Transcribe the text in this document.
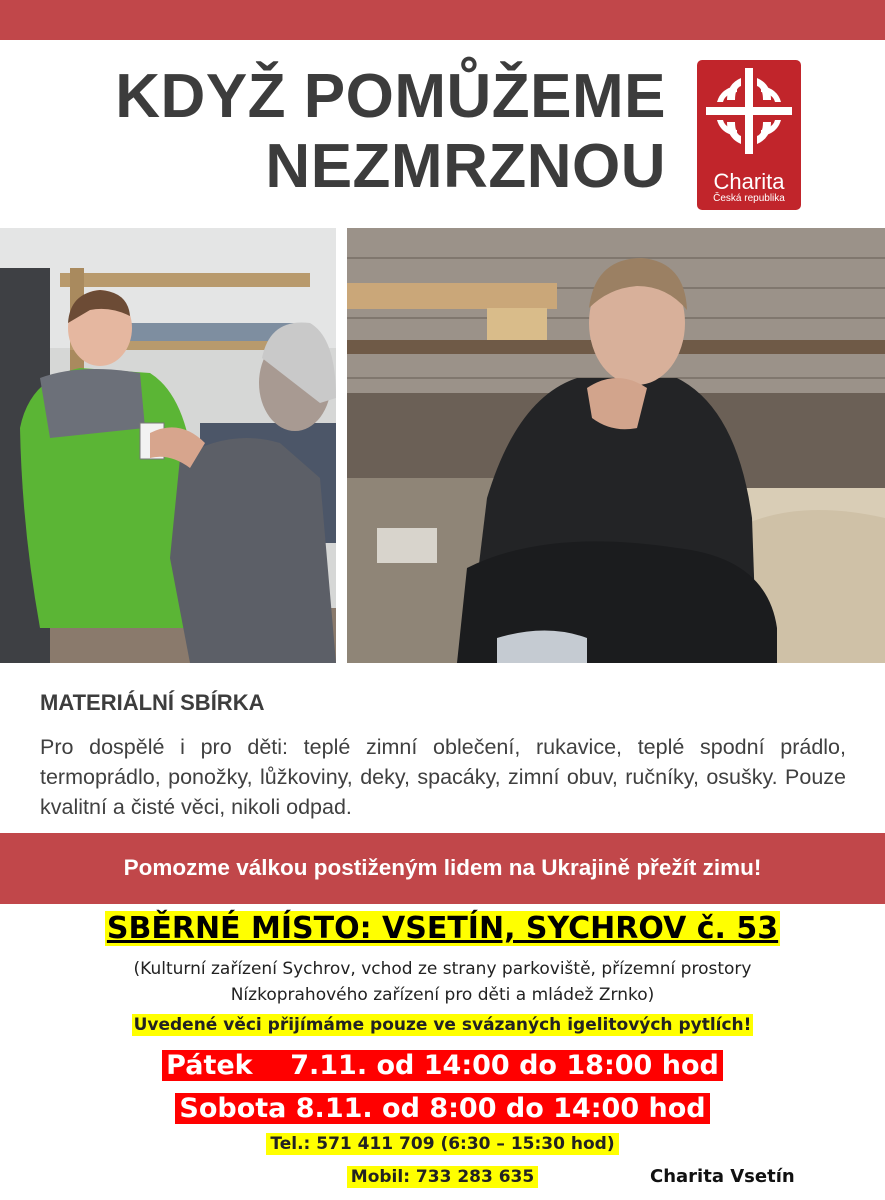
KDYŽ POMŮŽEME
NEZMRZNOU	Charita
Česká republika
MATERIÁLNÍ SBÍRKA

Pro dospělé i pro děti: teplé zimní oblečení, rukavice, teplé spodní prádlo, termoprádlo, ponožky, lůžkoviny, deky, spacáky, zimní obuv, ručníky, osušky. Pouze kvalitní a čisté věci, nikoli odpad.

Pomozme válkou postiženým lidem na Ukrajině přežít zimu!
SBĚRNÉ MÍSTO: VSETÍN, SYCHROV č. 53
(Kulturní zařízení Sychrov, vchod ze strany parkoviště, přízemní prostory
Nízkoprahového zařízení pro děti a mládež Zrnko)
Uvedené věci přijímáme pouze ve svázaných igelitových pytlích!
Pátek    7.11. od 14:00 do 18:00 hod
Sobota 8.11. od 8:00 do 14:00 hod
Tel.: 571 411 709 (6:30 – 15:30 hod)
Mobil: 733 283 635	Charita Vsetín
